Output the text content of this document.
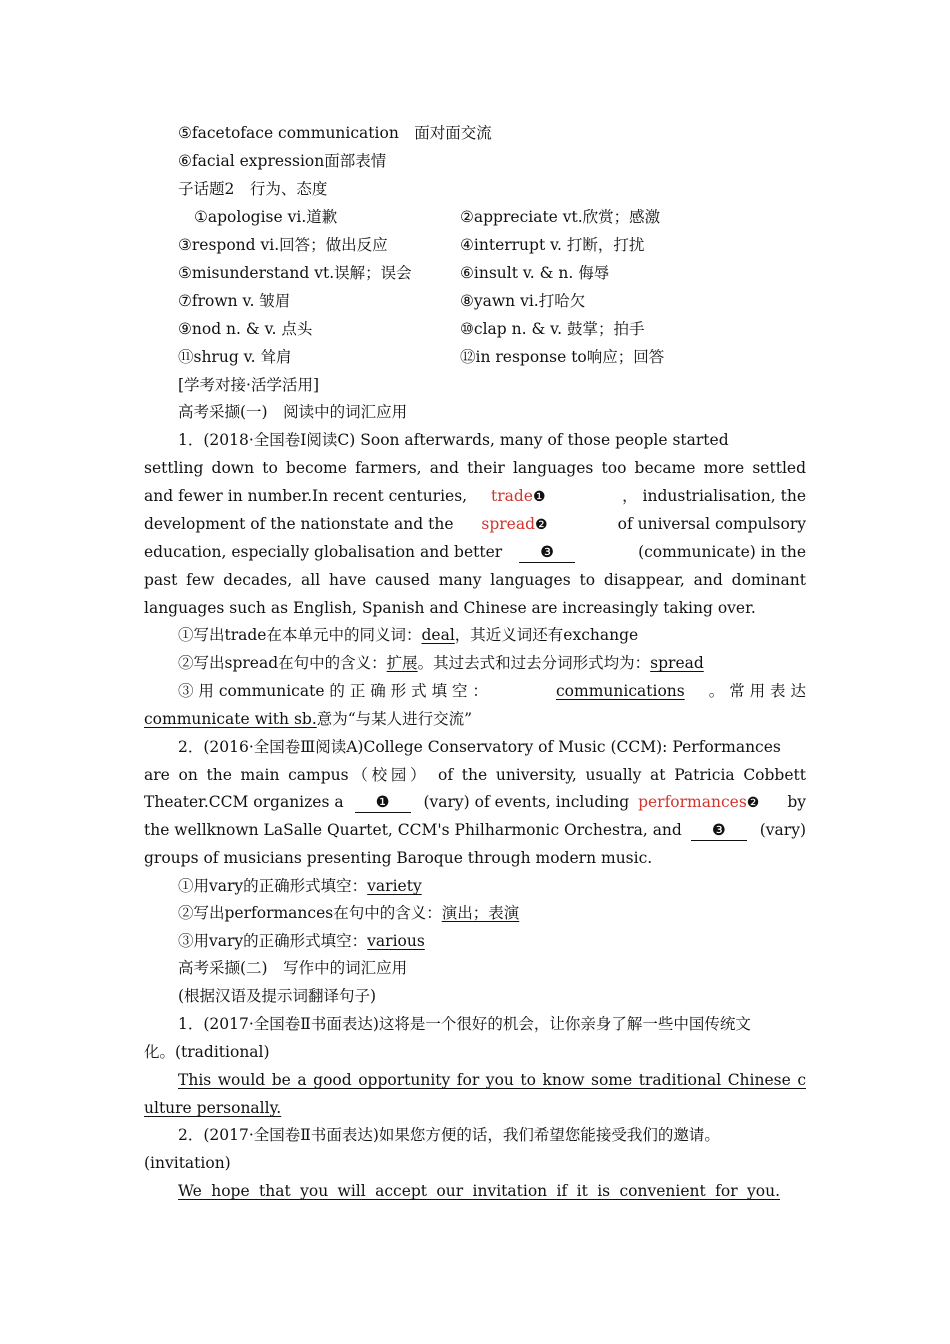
⑤facetoface communication　面对面交流
⑥facial expression面部表情
子话题2　行为、态度
①apologise vi.道歉	②appreciate vt.欣赏；感激
③respond vi.回答；做出反应	④interrupt v. 打断，打扰
⑤misunderstand vt.误解；误会	⑥insult v. & n. 侮辱
⑦frown v. 皱眉	⑧yawn vi.打哈欠
⑨nod n. & v. 点头	⑩clap n. & v. 鼓掌；拍手
⑪shrug v. 耸肩	⑫in response to响应；回答
[学考对接·活学活用]
高考采撷(一)　阅读中的词汇应用
1．(2018·全国卷Ⅰ阅读C) Soon afterwards, many of those people started
settling down to become farmers, and their languages too became more settled
and fewer in number.In recent centuries, trade❶	， industrialisation, the
development of the nationstate and the spread❷	of universal compulsory
education, especially globalisation and better ❸	(communicate) in the
past few decades, all have caused many languages to disappear, and dominant
languages such as English, Spanish and Chinese are increasingly taking over.
①写出trade在本单元中的同义词：deal，其近义词还有exchange
②写出spread在句中的含义：扩展。其过去式和过去分词形式均为：spread
③ 用 communicate 的 正 确 形 式 填 空 ：	communications 。 常 用 表 达
communicate with sb.意为“与某人进行交流”
2．(2016·全国卷Ⅲ阅读A)College Conservatory of Music (CCM): Performances
are on the main campus（校园） of the university, usually at Patricia Cobbett
Theater.CCM organizes a ❶ (vary) of events, including performances❷ by
the wellknown LaSalle Quartet, CCM's Philharmonic Orchestra, and ❸ (vary)
groups of musicians presenting Baroque through modern music.
①用vary的正确形式填空：variety
②写出performances在句中的含义：演出；表演
③用vary的正确形式填空：various
高考采撷(二)　写作中的词汇应用
(根据汉语及提示词翻译句子)
1．(2017·全国卷Ⅱ书面表达)这将是一个很好的机会，让你亲身了解一些中国传统文
化。(traditional)
This would be a good opportunity for you to know some traditional Chinese c
ulture personally.
2．(2017·全国卷Ⅱ书面表达)如果您方便的话，我们希望您能接受我们的邀请。
(invitation)
We hope that you will accept our invitation if it is convenient for you.
